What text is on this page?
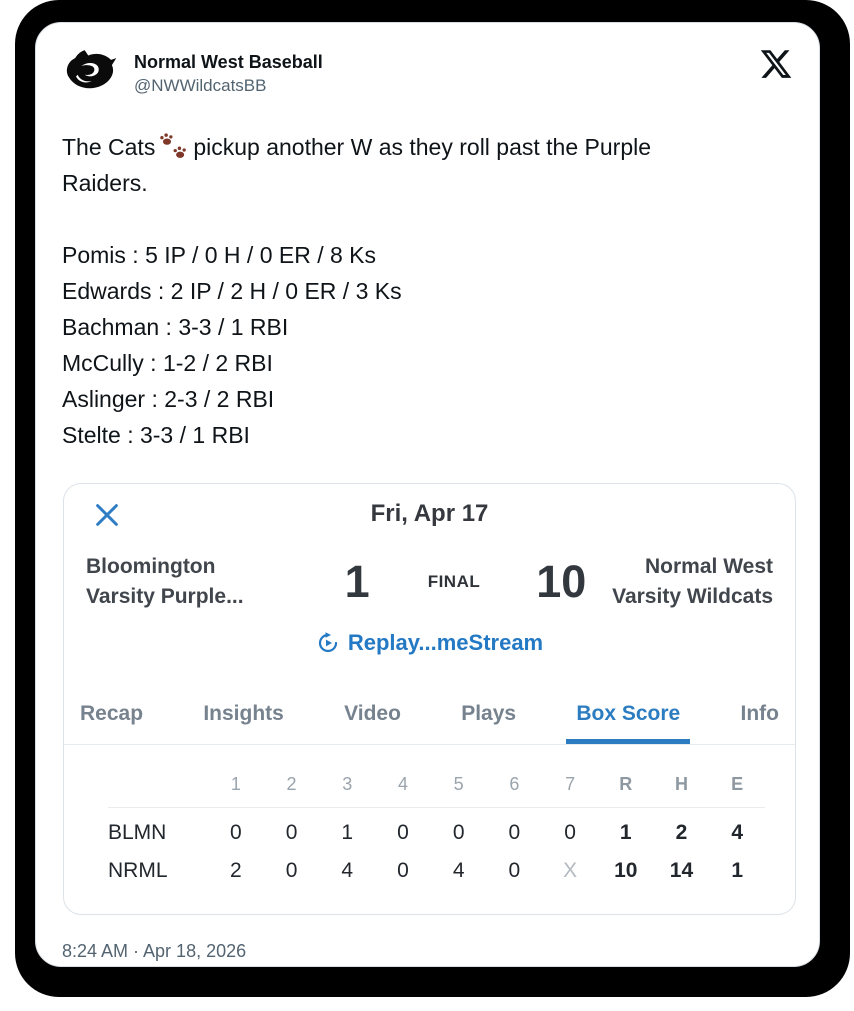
Normal West Baseball
@NWWildcatsBB
The Cats pickup another W as they roll past the Purple
Raiders.
Pomis : 5 IP / 0 H / 0 ER / 8 Ks
Edwards : 2 IP / 2 H / 0 ER / 3 Ks
Bachman : 3-3 / 1 RBI
McCully : 1-2 / 2 RBI
Aslinger : 2-3 / 2 RBI
Stelte : 3-3 / 1 RBI
Fri, Apr 17
Bloomington Varsity Purple...	1	FINAL 10	Normal West Varsity Wildcats
Replay...meStream
Recap	Insights	Video	Plays	Box Score	Info
1	2	3	4	5	6	7	R	H	E
BLMN	0	0	1	0	0	0	0	1	2	4
NRML	2	0	4	0	4	0	X	10	14	1
8:24 AM · Apr 18, 2026
